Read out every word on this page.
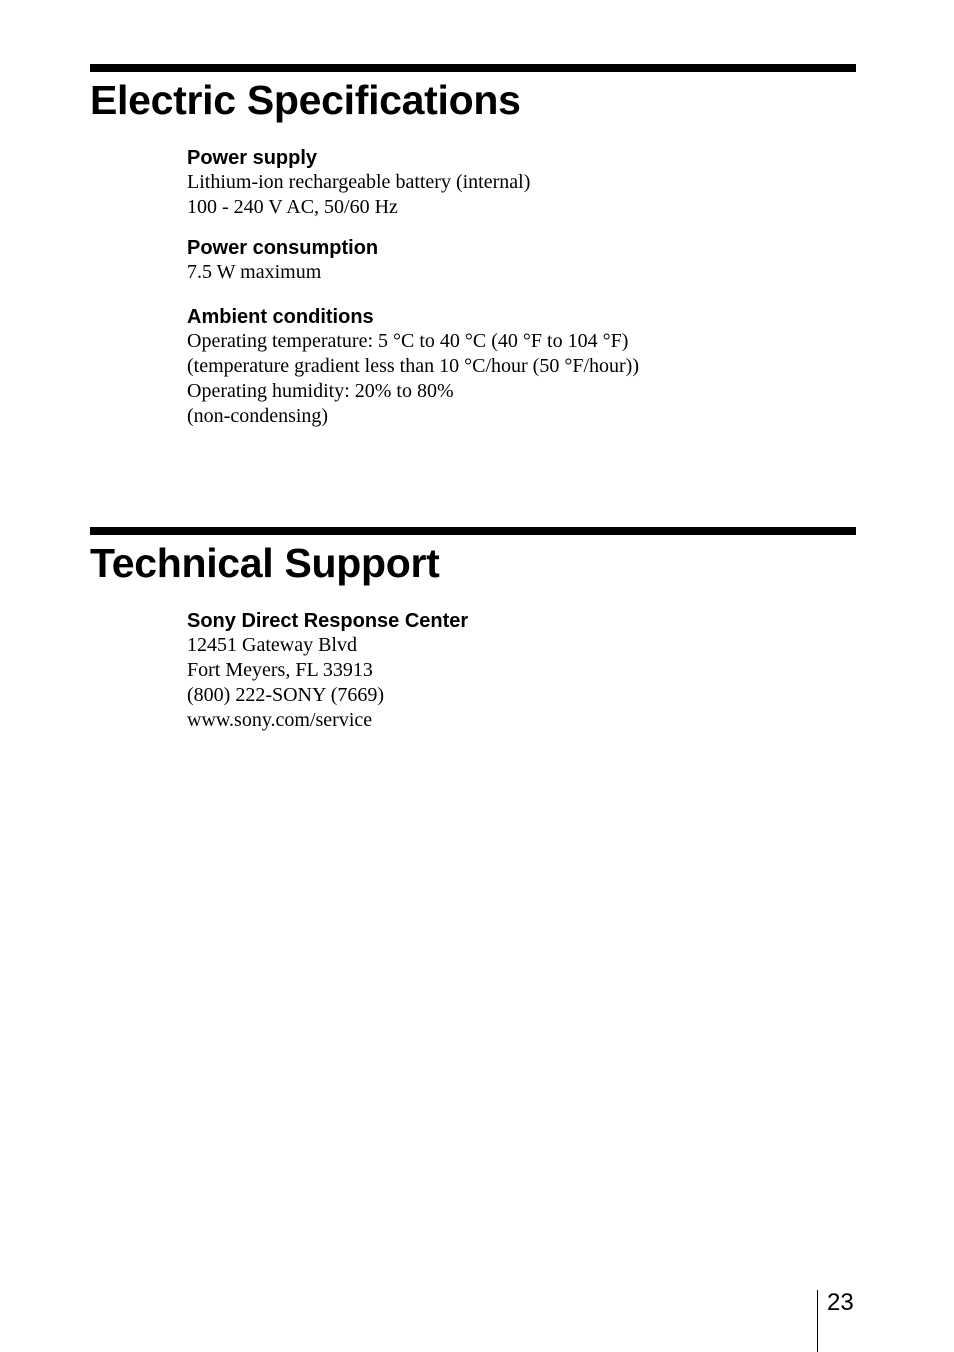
Electric Specifications

Power supply

Lithium-ion rechargeable battery (internal)
100 - 240 V AC, 50/60 Hz

Power consumption

7.5 W maximum

Ambient conditions

Operating temperature: 5 °C to 40 °C (40 °F to 104 °F)
(temperature gradient less than 10 °C/hour (50 °F/hour))
Operating humidity: 20% to 80%
(non-condensing)
Technical Support

Sony Direct Response Center

12451 Gateway Blvd
Fort Meyers, FL 33913
(800) 222-SONY (7669)
www.sony.com/service
23
